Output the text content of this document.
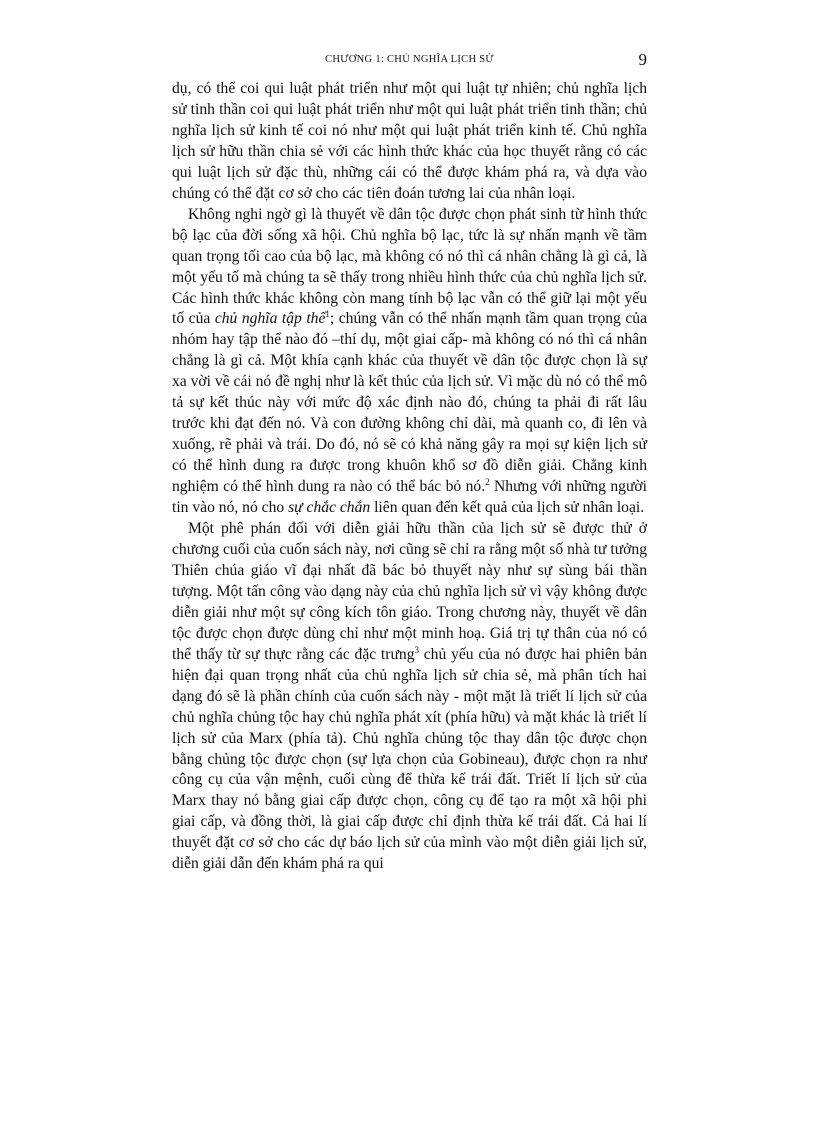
CHƯƠNG 1: CHỦ NGHĨA LỊCH SỬ	9

dụ, có thể coi qui luật phát triển như một qui luật tự nhiên; chủ nghĩa lịch sử tinh thần coi qui luật phát triển như một qui luật phát triển tinh thần; chủ nghĩa lịch sử kinh tế coi nó như một qui luật phát triển kinh tế. Chủ nghĩa lịch sử hữu thần chia sẻ với các hình thức khác của học thuyết rằng có các qui luật lịch sử đặc thù, những cái có thể được khám phá ra, và dựa vào chúng có thể đặt cơ sở cho các tiên đoán tương lai của nhân loại.

Không nghi ngờ gì là thuyết về dân tộc được chọn phát sinh từ hình thức bộ lạc của đời sống xã hội. Chủ nghĩa bộ lạc, tức là sự nhấn mạnh về tầm quan trọng tối cao của bộ lạc, mà không có nó thì cá nhân chẳng là gì cả, là một yếu tố mà chúng ta sẽ thấy trong nhiều hình thức của chủ nghĩa lịch sử. Các hình thức khác không còn mang tính bộ lạc vẫn có thể giữ lại một yếu tố của chủ nghĩa tập thể$^1$; chúng vẫn có thể nhấn mạnh tầm quan trọng của nhóm hay tập thể nào đó –thí dụ, một giai cấp- mà không có nó thì cá nhân chẳng là gì cả. Một khía cạnh khác của thuyết về dân tộc được chọn là sự xa vời về cái nó đề nghị như là kết thúc của lịch sử. Vì mặc dù nó có thể mô tả sự kết thúc này với mức độ xác định nào đó, chúng ta phải đi rất lâu trước khi đạt đến nó. Và con đường không chỉ dài, mà quanh co, đi lên và xuống, rẽ phải và trái. Do đó, nó sẽ có khả năng gây ra mọi sự kiện lịch sử có thể hình dung ra được trong khuôn khổ sơ đồ diễn giải. Chẳng kinh nghiệm có thể hình dung ra nào có thể bác bỏ nó.$^2$ Nhưng với những người tin vào nó, nó cho sự chắc chắn liên quan đến kết quả của lịch sử nhân loại.

Một phê phán đối với diễn giải hữu thần của lịch sử sẽ được thử ở chương cuối của cuốn sách này, nơi cũng sẽ chỉ ra rằng một số nhà tư tưởng Thiên chúa giáo vĩ đại nhất đã bác bỏ thuyết này như sự sùng bái thần tượng. Một tấn công vào dạng này của chủ nghĩa lịch sử vì vậy không được diễn giải như một sự công kích tôn giáo. Trong chương này, thuyết về dân tộc được chọn được dùng chỉ như một minh hoạ. Giá trị tự thân của nó có thể thấy từ sự thực rằng các đặc trưng$^3$ chủ yếu của nó được hai phiên bản hiện đại quan trọng nhất của chủ nghĩa lịch sử chia sẻ, mà phân tích hai dạng đó sẽ là phần chính của cuốn sách này - một mặt là triết lí lịch sử của chủ nghĩa chủng tộc hay chủ nghĩa phát xít (phía hữu) và mặt khác là triết lí lịch sử của Marx (phía tả). Chủ nghĩa chủng tộc thay dân tộc được chọn bằng chủng tộc được chọn (sự lựa chọn của Gobineau), được chọn ra như công cụ của vận mệnh, cuối cùng để thừa kế trái đất. Triết lí lịch sử của Marx thay nó bằng giai cấp được chọn, công cụ để tạo ra một xã hội phi giai cấp, và đồng thời, là giai cấp được chỉ định thừa kế trái đất. Cả hai lí thuyết đặt cơ sở cho các dự báo lịch sử của mình vào một diễn giải lịch sử, diễn giải dẫn đến khám phá ra qui
